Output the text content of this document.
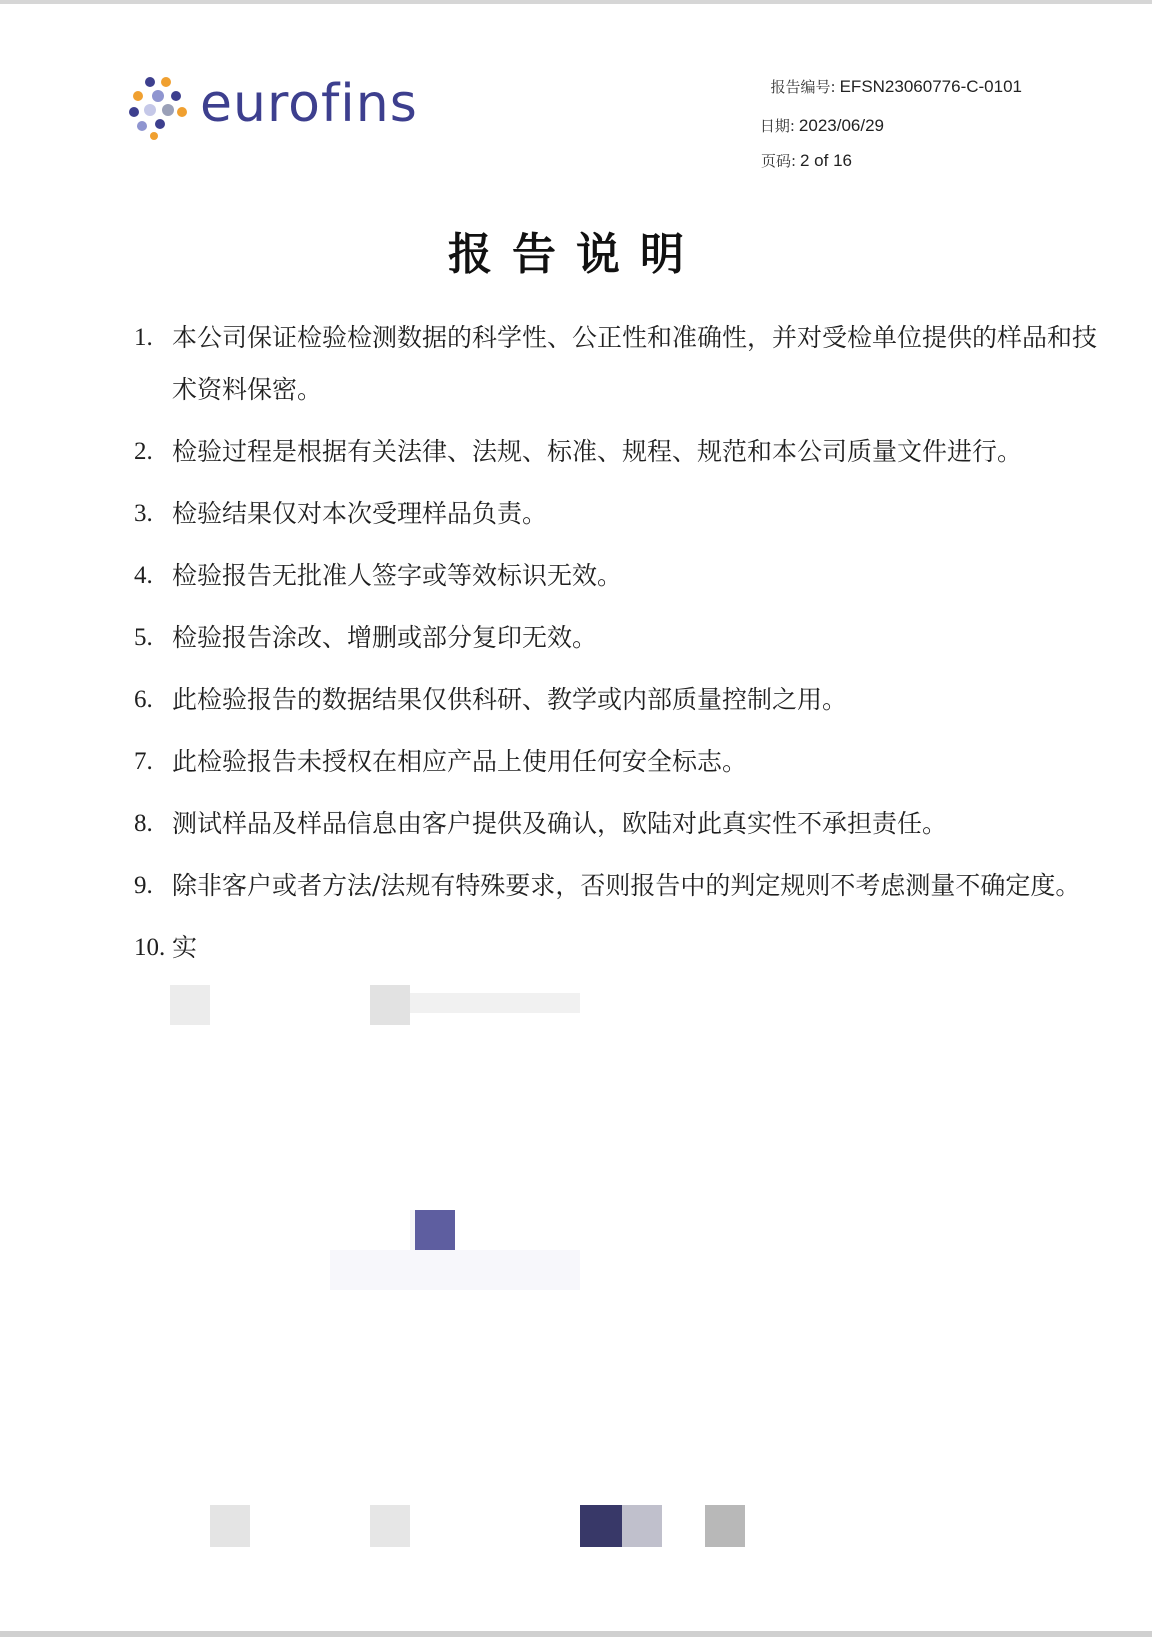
eurofins	报告编号: EFSN23060776-C-0101
日期: 2023/06/29
页码: 2 of 16
报告说明
1. 本公司保证检验检测数据的科学性、公正性和准确性，并对受检单位提供的样品和技术资料保密。
2. 检验过程是根据有关法律、法规、标准、规程、规范和本公司质量文件进行。
3. 检验结果仅对本次受理样品负责。
4. 检验报告无批准人签字或等效标识无效。
5. 检验报告涂改、增删或部分复印无效。
6. 此检验报告的数据结果仅供科研、教学或内部质量控制之用。
7. 此检验报告未授权在相应产品上使用任何安全标志。
8. 测试样品及样品信息由客户提供及确认，欧陆对此真实性不承担责任。
9. 除非客户或者方法/法规有特殊要求，否则报告中的判定规则不考虑测量不确定度。
10. 实
